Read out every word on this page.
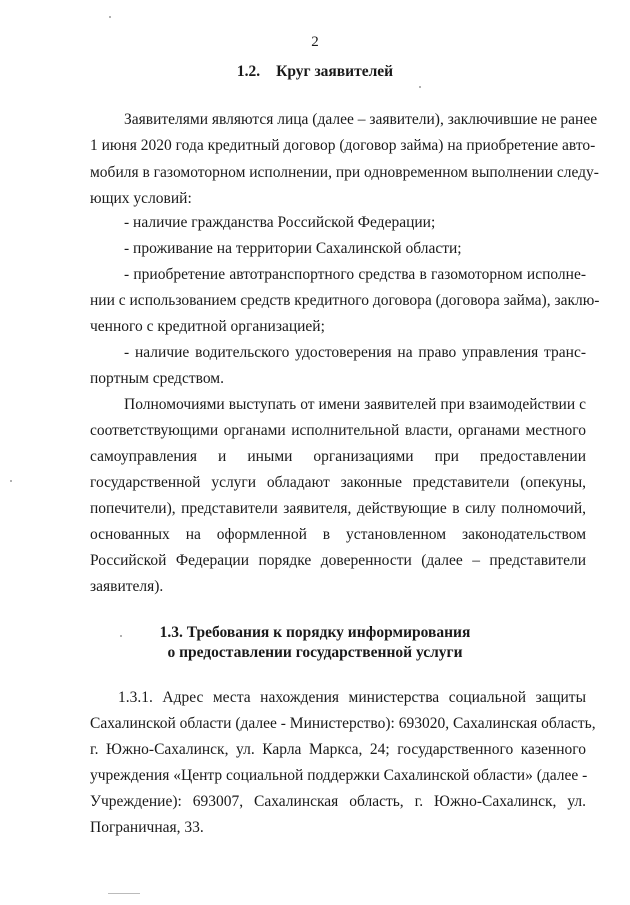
2
1.2. Круг заявителей
Заявителями являются лица (далее – заявители), заключившие не ранее
1 июня 2020 года кредитный договор (договор займа) на приобретение авто-
мобиля в газомоторном исполнении, при одновременном выполнении следу-
ющих условий:
- наличие гражданства Российской Федерации;
- проживание на территории Сахалинской области;
- приобретение автотранспортного средства в газомоторном исполне-
нии с использованием средств кредитного договора (договора займа), заклю-
ченного с кредитной организацией;
- наличие водительского удостоверения на право управления транс-
портным средством.
Полномочиями выступать от имени заявителей при взаимодействии с
соответствующими органами исполнительной власти, органами местного
самоуправления и иными организациями при предоставлении
государственной услуги обладают законные представители (опекуны,
попечители), представители заявителя, действующие в силу полномочий,
основанных на оформленной в установленном законодательством
Российской Федерации порядке доверенности (далее – представители
заявителя).
1.3. Требования к порядку информирования
о предоставлении государственной услуги
1.3.1. Адрес места нахождения министерства социальной защиты
Сахалинской области (далее - Министерство): 693020, Сахалинская область,
г. Южно-Сахалинск, ул. Карла Маркса, 24; государственного казенного
учреждения «Центр социальной поддержки Сахалинской области» (далее -
Учреждение): 693007, Сахалинская область, г. Южно-Сахалинск, ул.
Пограничная, 33.
